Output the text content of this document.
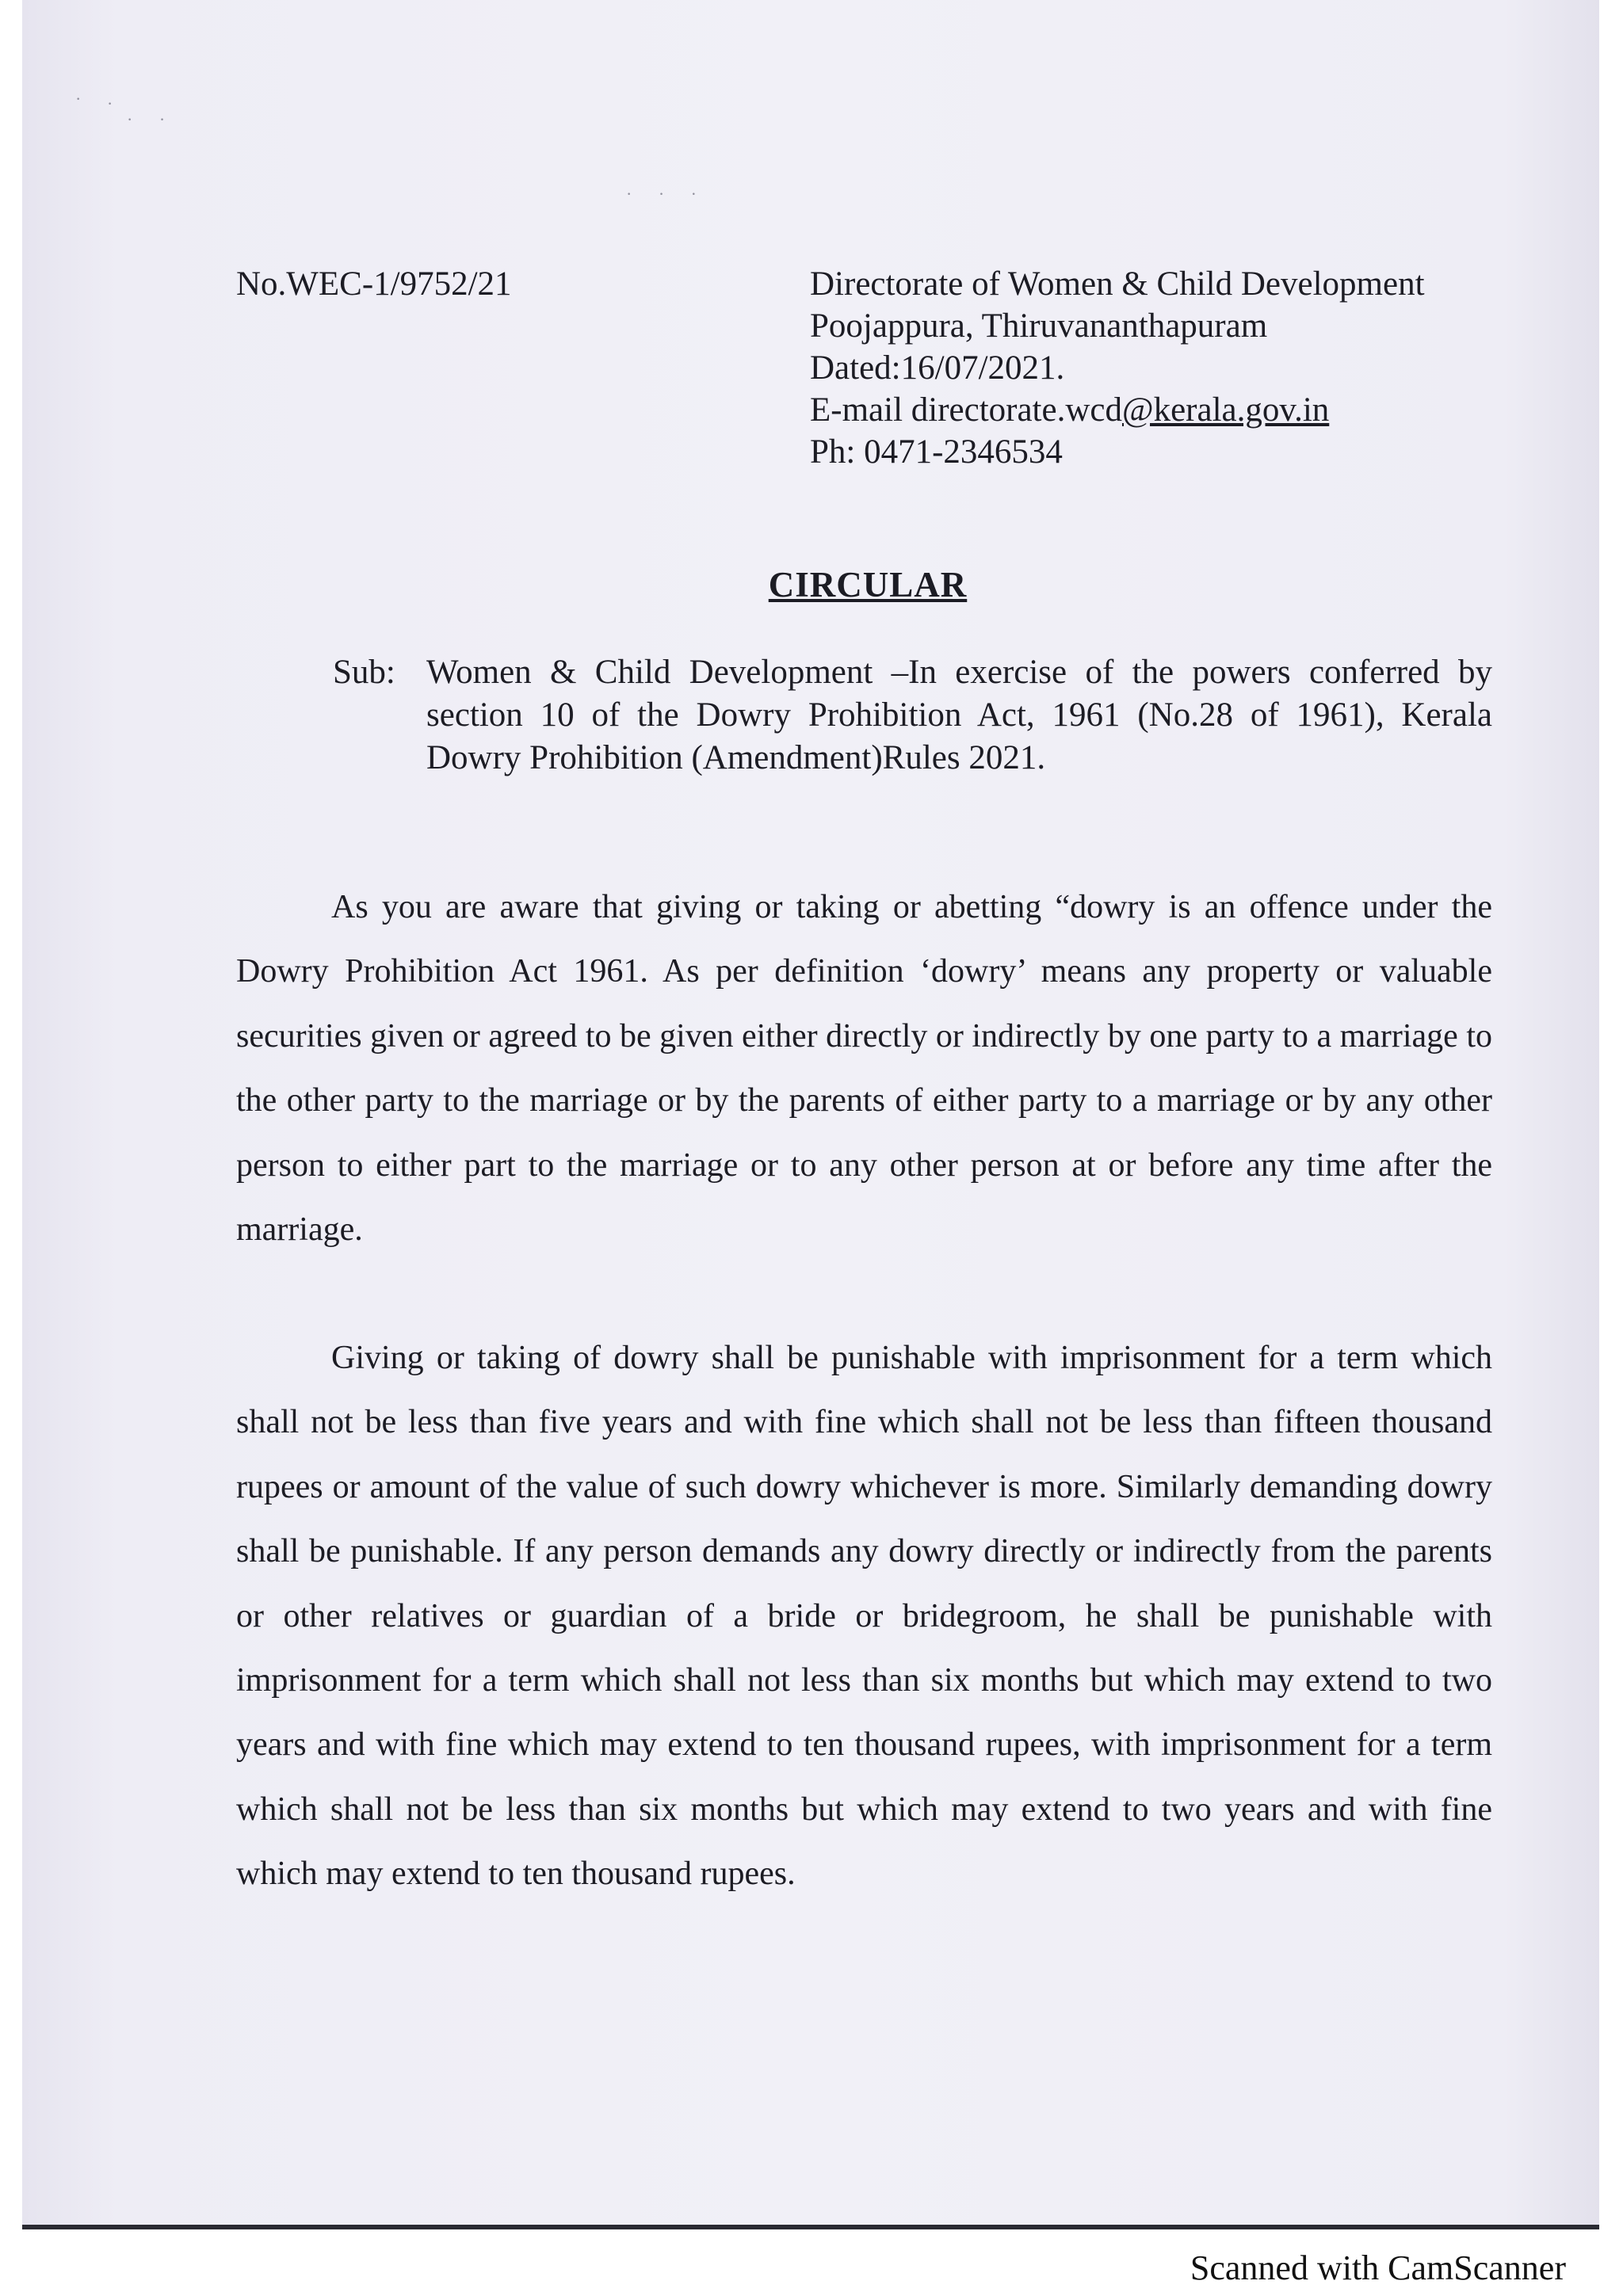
· .
· ·
· · ·
No.WEC-1/9752/21	Directorate of Women & Child Development
Poojappura, Thiruvananthapuram
Dated:16/07/2021.
E-mail directorate.wcd@kerala.gov.in
Ph: 0471-2346534
CIRCULAR
Sub: Women & Child Development –In exercise of the powers conferred by section 10 of the Dowry Prohibition Act, 1961 (No.28 of 1961), Kerala Dowry Prohibition (Amendment)Rules 2021.
As you are aware that giving or taking or abetting “dowry is an offence under the Dowry Prohibition Act 1961. As per definition ‘dowry’ means any property or valuable securities given or agreed to be given either directly or indirectly by one party to a marriage to the other party to the marriage or by the parents of either party to a marriage or by any other person to either part to the marriage or to any other person at or before any time after the marriage.
Giving or taking of dowry shall be punishable with imprisonment for a term which shall not be less than five years and with fine which shall not be less than fifteen thousand rupees or amount of the value of such dowry whichever is more. Similarly demanding dowry shall be punishable. If any person demands any dowry directly or indirectly from the parents or other relatives or guardian of a bride or bridegroom, he shall be punishable with imprisonment for a term which shall not less than six months but which may extend to two years and with fine which may extend to ten thousand rupees, with imprisonment for a term which shall not be less than six months but which may extend to two years and with fine which may extend to ten thousand rupees.
Scanned with CamScanner
